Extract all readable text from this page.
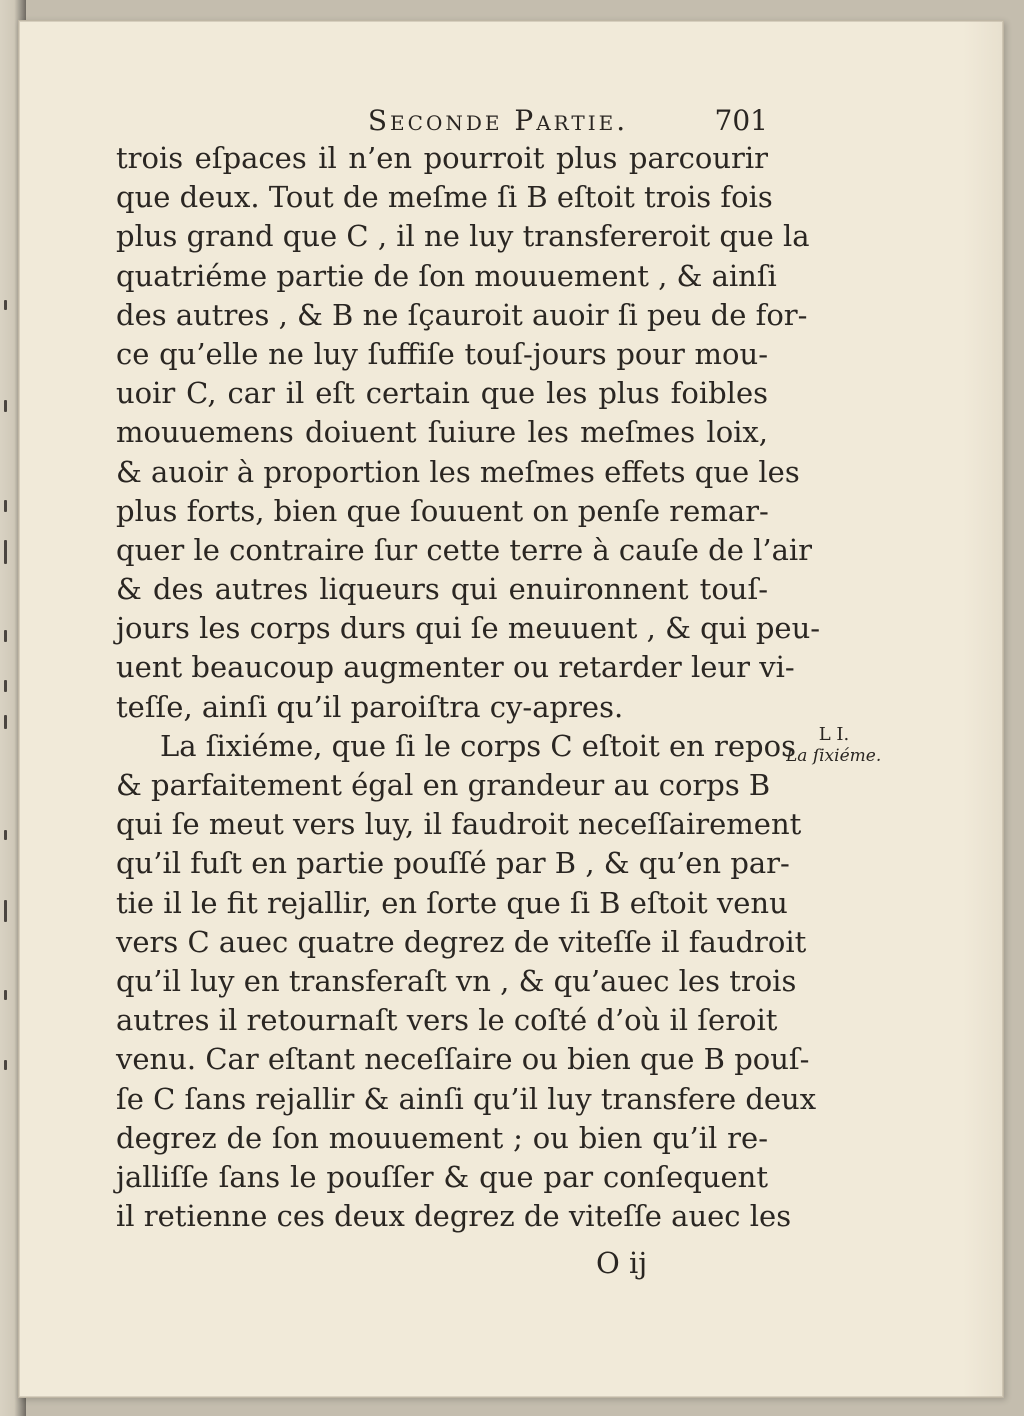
Seconde Partie.	701
trois eſpaces il n’en pourroit plus parcourir
que deux. Tout de meſme ſi B eſtoit trois fois
plus grand que C , il ne luy transfereroit que la
quatriéme partie de ſon mouuement , & ainſi
des autres , & B ne ſçauroit auoir ſi peu de for-
ce qu’elle ne luy ſuffiſe touſ-jours pour mou-
uoir C, car il eſt certain que les plus foibles
mouuemens doiuent ſuiure les meſmes loix,
& auoir à proportion les meſmes effets que les
plus forts, bien que ſouuent on penſe remar-
quer le contraire ſur cette terre à cauſe de l’air
& des autres liqueurs qui enuironnent touſ-
jours les corps durs qui ſe meuuent , & qui peu-
uent beaucoup augmenter ou retarder leur vi-
teſſe, ainſi qu’il paroiſtra cy-apres.
La ſixiéme, que ſi le corps C eſtoit en repos
& parfaitement égal en grandeur au corps B
qui ſe meut vers luy, il faudroit neceſſairement
qu’il fuſt en partie pouſſé par B , & qu’en par-
tie il le fit rejallir, en ſorte que ſi B eſtoit venu
vers C auec quatre degrez de viteſſe il faudroit
qu’il luy en transferaſt vn , & qu’auec les trois
autres il retournaſt vers le coſté d’où il ſeroit
venu. Car eſtant neceſſaire ou bien que B pouſ-
ſe C ſans rejallir & ainſi qu’il luy transfere deux
degrez de ſon mouuement ; ou bien qu’il re-
jalliſſe ſans le pouſſer & que par conſequent
il retienne ces deux degrez de viteſſe auec les
L I.
La ſixiéme.
O ij
